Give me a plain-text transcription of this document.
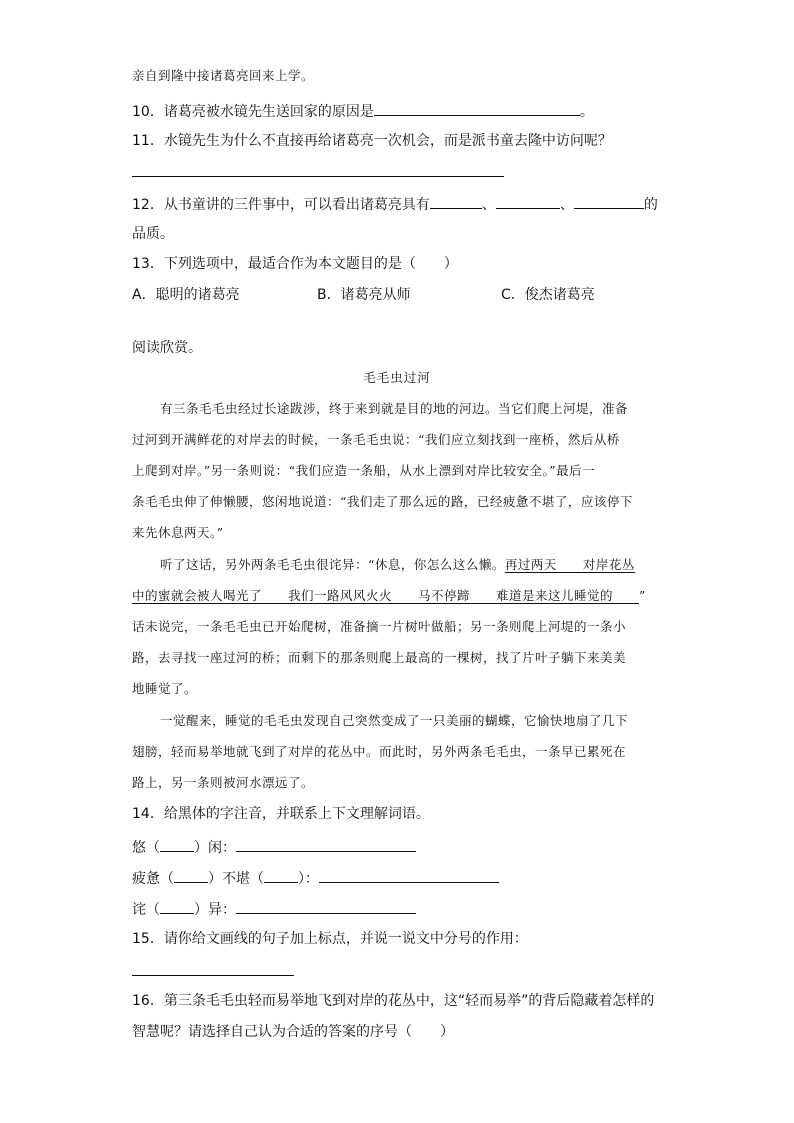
亲自到隆中接诸葛亮回来上学。
10．诸葛亮被水镜先生送回家的原因是	。
11．水镜先生为什么不直接再给诸葛亮一次机会，而是派书童去隆中访问呢？
12．从书童讲的三件事中，可以看出诸葛亮具有	、	、	的
品质。
13．下列选项中，最适合作为本文题目的是（　　）
A．聪明的诸葛亮	B．诸葛亮从师	C．俊杰诸葛亮
阅读欣赏。
毛毛虫过河
有三条毛毛虫经过长途跋涉，终于来到就是目的地的河边。当它们爬上河堤，准备
过河到开满鲜花的对岸去的时候，一条毛毛虫说：“我们应立刻找到一座桥，然后从桥
上爬到对岸。”另一条则说：“我们应造一条船，从水上漂到对岸比较安全。”最后一
条毛毛虫伸了伸懒腰，悠闲地说道：“我们走了那么远的路，已经疲惫不堪了，应该停下
来先休息两天。”
听了这话，另外两条毛毛虫很诧异：“休息，你怎么这么懒。再过两天　　对岸花丛
中的蜜就会被人喝光了　　我们一路风风火火　　马不停蹄　　难道是来这儿睡觉的　　”
话未说完，一条毛毛虫已开始爬树，准备摘一片树叶做船；另一条则爬上河堤的一条小
路，去寻找一座过河的桥；而剩下的那条则爬上最高的一棵树，找了片叶子躺下来美美
地睡觉了。
一觉醒来，睡觉的毛毛虫发现自己突然变成了一只美丽的蝴蝶，它愉快地扇了几下
翅膀，轻而易举地就飞到了对岸的花丛中。而此时，另外两条毛毛虫，一条早已累死在
路上，另一条则被河水漂远了。
14．给黑体的字注音，并联系上下文理解词语。
悠（ ）闲：
疲惫（ ）不堪（ ）：
诧（ ）异：
15．请你给文画线的句子加上标点，并说一说文中分号的作用：
16．第三条毛毛虫轻而易举地飞到对岸的花丛中，这“轻而易举”的背后隐藏着怎样的
智慧呢？请选择自己认为合适的答案的序号（　　）
